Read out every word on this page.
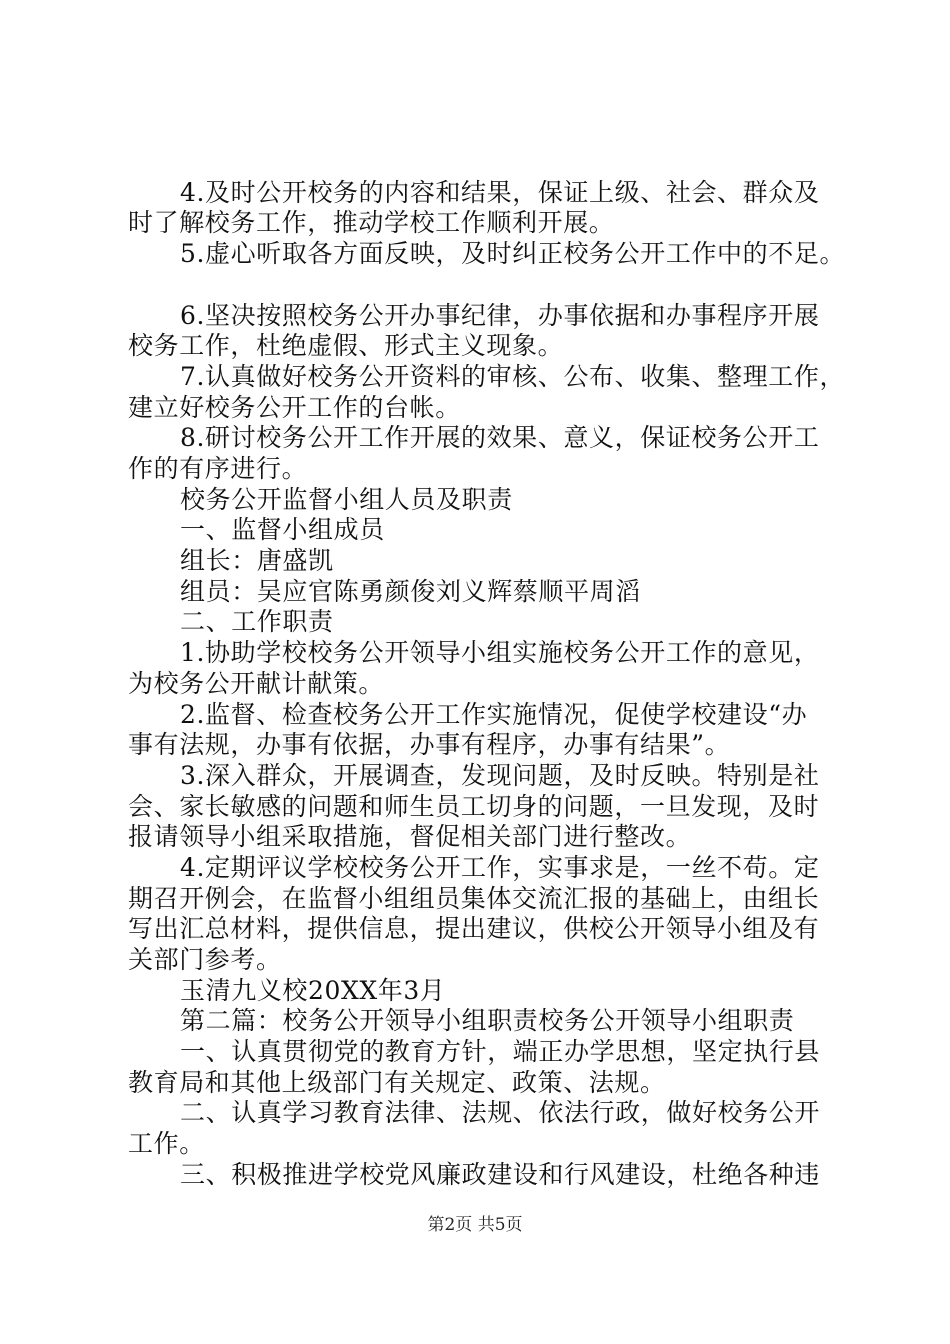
4.及时公开校务的内容和结果，保证上级、社会、群众及
时了解校务工作，推动学校工作顺利开展。
5.虚心听取各方面反映，及时纠正校务公开工作中的不足。
6.坚决按照校务公开办事纪律，办事依据和办事程序开展
校务工作，杜绝虚假、形式主义现象。
7.认真做好校务公开资料的审核、公布、收集、整理工作，
建立好校务公开工作的台帐。
8.研讨校务公开工作开展的效果、意义，保证校务公开工
作的有序进行。
校务公开监督小组人员及职责
一、监督小组成员
组长：唐盛凯
组员：吴应官陈勇颜俊刘义辉蔡顺平周滔
二、工作职责
1.协助学校校务公开领导小组实施校务公开工作的意见，
为校务公开献计献策。
2.监督、检查校务公开工作实施情况，促使学校建设“办
事有法规，办事有依据，办事有程序，办事有结果”。
3.深入群众，开展调查，发现问题，及时反映。特别是社
会、家长敏感的问题和师生员工切身的问题，一旦发现，及时
报请领导小组采取措施，督促相关部门进行整改。
4.定期评议学校校务公开工作，实事求是，一丝不苟。定
期召开例会，在监督小组组员集体交流汇报的基础上，由组长
写出汇总材料，提供信息，提出建议，供校公开领导小组及有
关部门参考。
玉清九义校20XX年3月
第二篇：校务公开领导小组职责校务公开领导小组职责
一、认真贯彻党的教育方针，端正办学思想，坚定执行县
教育局和其他上级部门有关规定、政策、法规。
二、认真学习教育法律、法规、依法行政，做好校务公开
工作。
三、积极推进学校党风廉政建设和行风建设，杜绝各种违
第2页 共5页
